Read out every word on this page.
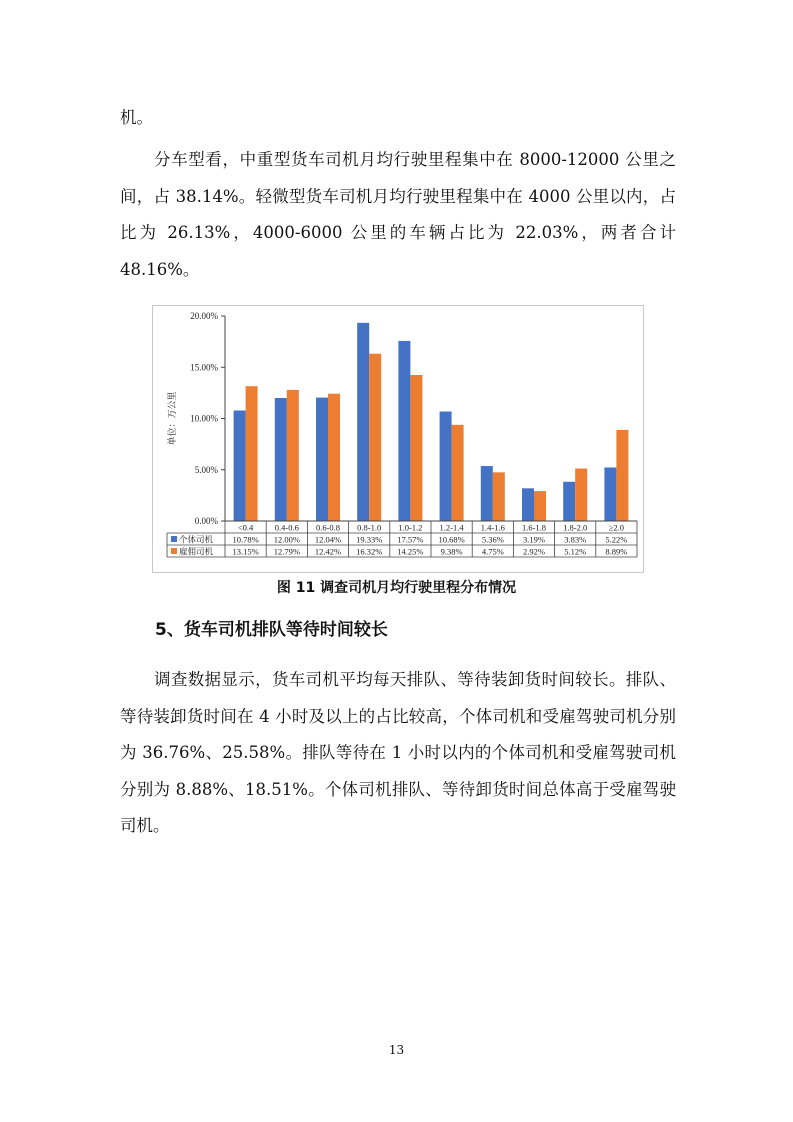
机。

分车型看，中重型货车司机月均行驶里程集中在 8000-12000 公里之间，占 38.14%。轻微型货车司机月均行驶里程集中在 4000 公里以内，占比为 26.13%，4000-6000 公里的车辆占比为 22.03%，两者合计 48.16%。

0.00%
5.00%
10.00%
15.00%
20.00%
单位：万公里
<0.4	0.4-0.6 0.6-0.8 0.8-1.0 1.0-1.2 1.2-1.4 1.4-1.6 1.6-1.8 1.8-2.0	≥2.0
个体司机 10.78% 12.00% 12.04% 19.33% 17.57% 10.68% 5.36% 3.19% 3.83% 5.22%
雇佣司机 13.15% 12.79% 12.42% 16.32% 14.25% 9.38% 4.75% 2.92% 5.12% 8.89%
图 11 调查司机月均行驶里程分布情况
5、货车司机排队等待时间较长

调查数据显示，货车司机平均每天排队、等待装卸货时间较长。排队、等待装卸货时间在 4 小时及以上的占比较高，个体司机和受雇驾驶司机分别为 36.76%、25.58%。排队等待在 1 小时以内的个体司机和受雇驾驶司机分别为 8.88%、18.51%。个体司机排队、等待卸货时间总体高于受雇驾驶司机。

13
